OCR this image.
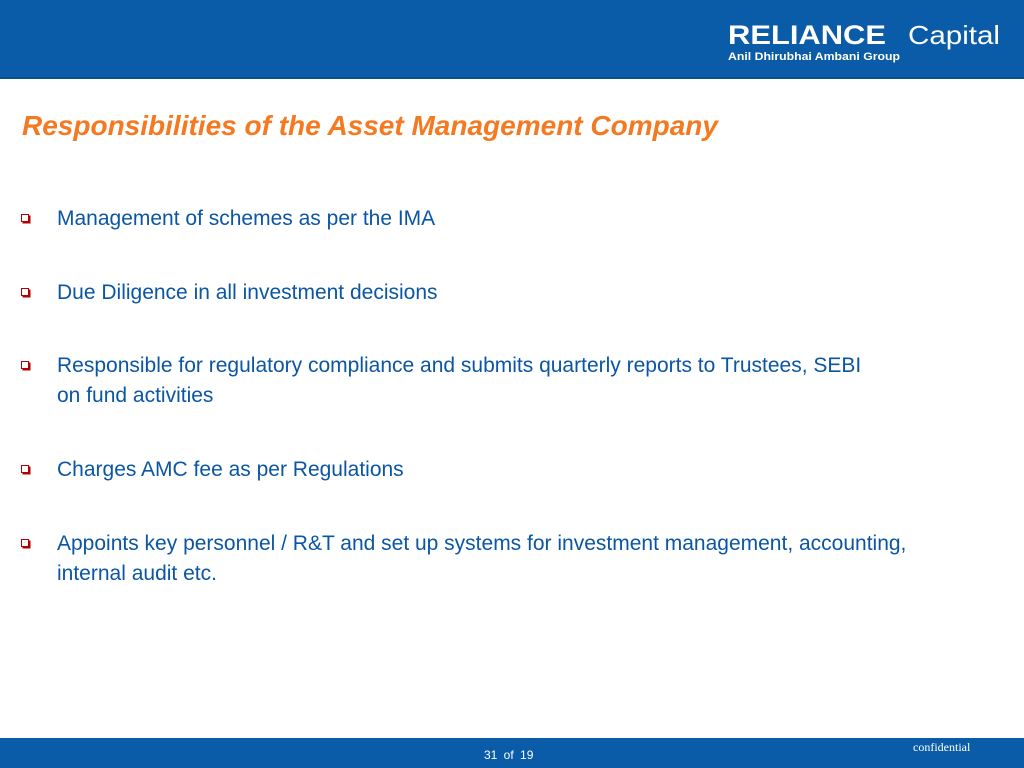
RELIANCE Capital
Anil Dhirubhai Ambani Group
Responsibilities of the Asset Management Company
Management of schemes as per the IMA
Due Diligence in all investment decisions
Responsible for regulatory compliance and submits quarterly reports to Trustees, SEBI on fund activities
Charges AMC fee as per Regulations
Appoints key personnel / R&T and set up systems for investment management, accounting, internal audit etc.
31 of 19
confidential
